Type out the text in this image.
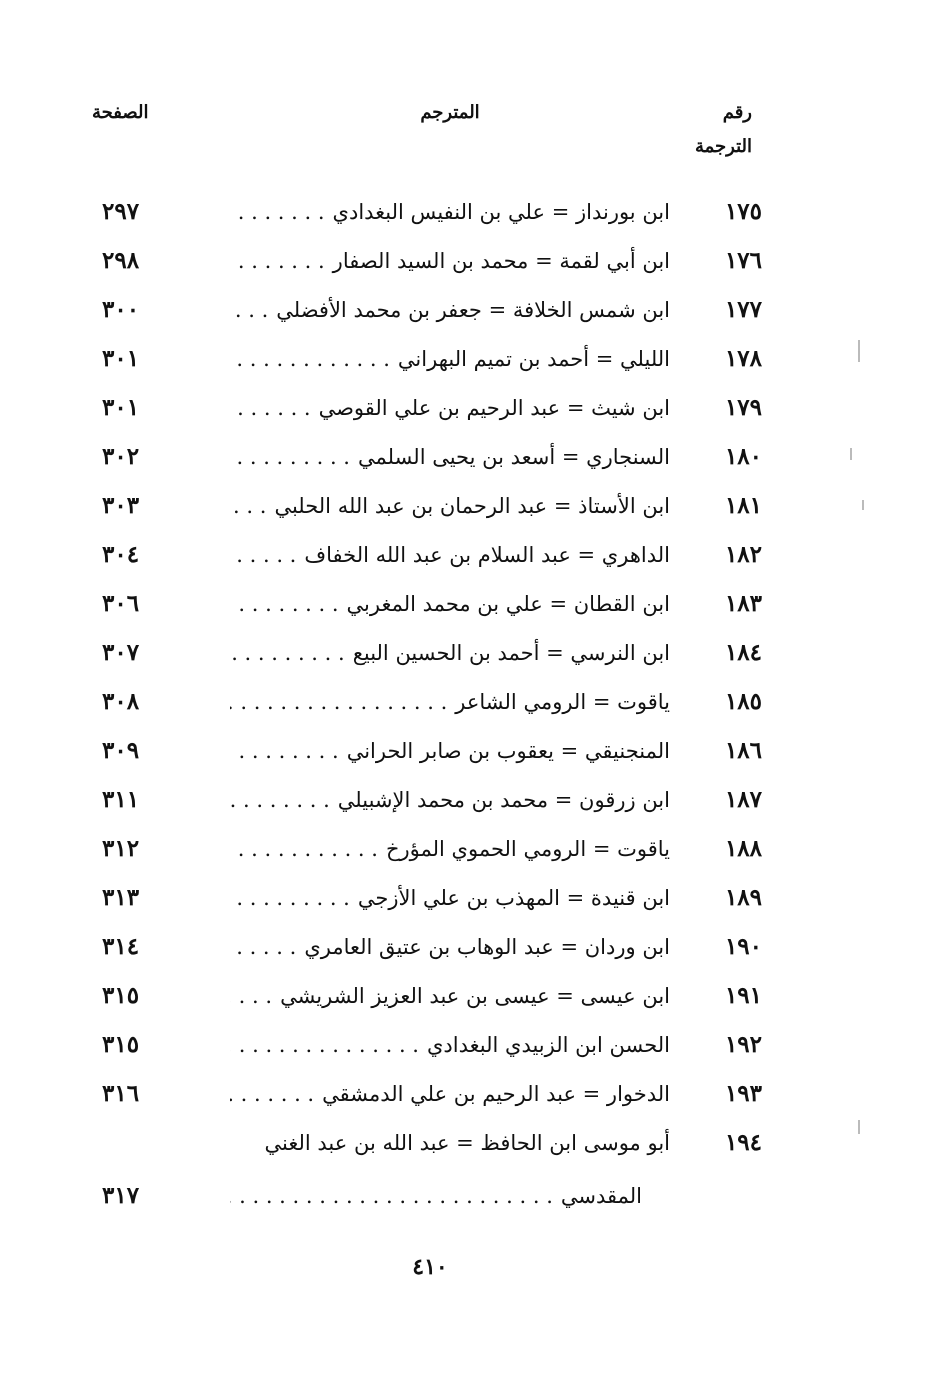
رقم الترجمة
المترجم
الصفحة
١٧٥
ابن بورنداز = علي بن النفيس البغدادي . . .
٢٩٧
١٧٦
ابن أبي لقمة = محمد بن السيد الصفار . . .
٢٩٨
١٧٧
ابن شمس الخلافة = جعفر بن محمد الأفضلي . . .
٣٠٠
١٧٨
الليلي = أحمد بن تميم البهراني . . .
٣٠١
١٧٩
ابن شيث = عبد الرحيم بن علي القوصي . . .
٣٠١
١٨٠
السنجاري = أسعد بن يحيى السلمي . . .
٣٠٢
١٨١
ابن الأستاذ = عبد الرحمان بن عبد الله الحلبي . . .
٣٠٣
١٨٢
الداهري = عبد السلام بن عبد الله الخفاف . . .
٣٠٤
١٨٣
ابن القطان = علي بن محمد المغربي . . .
٣٠٦
١٨٤
ابن النرسي = أحمد بن الحسين البيع . . .
٣٠٧
١٨٥
ياقوت = الرومي الشاعر . . .
٣٠٨
١٨٦
المنجنيقي = يعقوب بن صابر الحراني . . .
٣٠٩
١٨٧
ابن زرقون = محمد بن محمد الإشبيلي . . .
٣١١
١٨٨
ياقوت = الرومي الحموي المؤرخ . . .
٣١٢
١٨٩
ابن قنيدة = المهذب بن علي الأزجي . . .
٣١٣
١٩٠
ابن وردان = عبد الوهاب بن عتيق العامري . . .
٣١٤
١٩١
ابن عيسى = عيسى بن عبد العزيز الشريشي . . .
٣١٥
١٩٢
الحسن ابن الزبيدي البغدادي . . .
٣١٥
١٩٣
الدخوار = عبد الرحيم بن علي الدمشقي . . .
٣١٦
١٩٤
أبو موسى ابن الحافظ = عبد الله بن عبد الغني
المقدسي . . .
٣١٧
٤١٠
